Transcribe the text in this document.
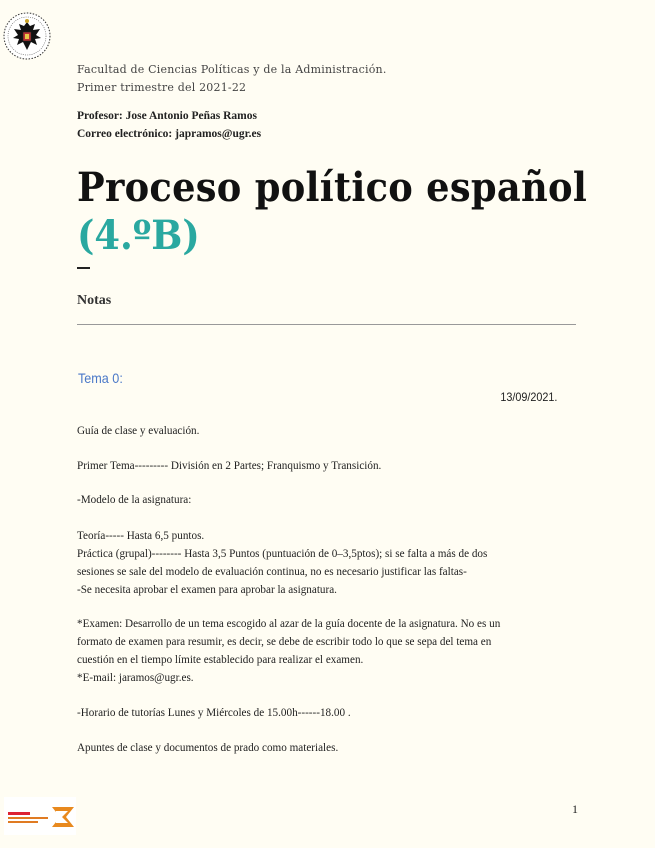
Facultad de Ciencias Políticas y de la Administración.
Primer trimestre del 2021-22
Profesor: Jose Antonio Peñas Ramos
Correo electrónico: japramos@ugr.es
Proceso político español
(4.ºB)
Notas
Tema 0:
13/09/2021.
Guía de clase y evaluación.
Primer Tema--------- División en 2 Partes; Franquismo y Transición.
-Modelo de la asignatura:
Teoría----- Hasta 6,5 puntos.
Práctica (grupal)-------- Hasta 3,5 Puntos (puntuación de 0–3,5ptos); si se falta a más de dos
sesiones se sale del modelo de evaluación continua, no es necesario justificar las faltas-
-Se necesita aprobar el examen para aprobar la asignatura.
*Examen: Desarrollo de un tema escogido al azar de la guía docente de la asignatura. No es un
formato de examen para resumir, es decir, se debe de escribir todo lo que se sepa del tema en
cuestión en el tiempo límite establecido para realizar el examen.
*E-mail: jaramos@ugr.es.
-Horario de tutorías Lunes y Miércoles de 15.00h------18.00 .
Apuntes de clase y documentos de prado como materiales.
1
